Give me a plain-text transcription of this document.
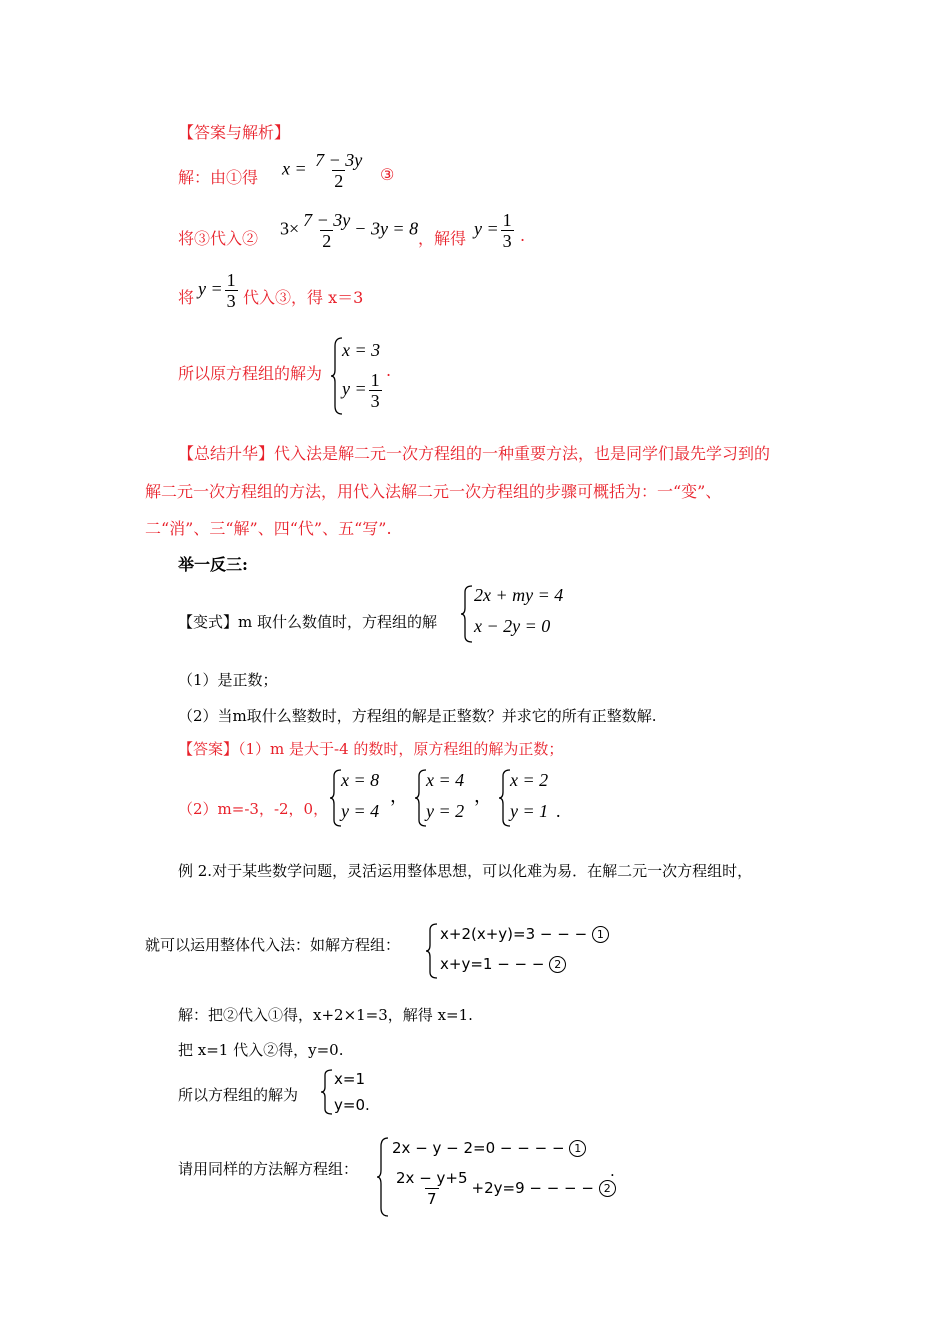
【答案与解析】
解：由①得 $x = \frac{7 - 3y}{2}$ ③
将③代入② $3\times \frac{7 - 3y}{2} - 3y = 8$ ，解得 $y = \frac{1}{3}$ .
将 $y = \frac{1}{3}$ 代入③，得 x＝3
所以原方程组的解为
x = 3
$y = \frac{1}{3}$ .
【总结升华】代入法是解二元一次方程组的一种重要方法，也是同学们最先学习到的
解二元一次方程组的方法，用代入法解二元一次方程组的步骤可概括为：一“变”、
二“消”、三“解”、四“代”、五“写”.
举一反三:
【变式】m 取什么数值时，方程组的解
2x + my = 4
x − 2y = 0
（1）是正数；
（2）当m取什么整数时，方程组的解是正整数？并求它的所有正整数解.
【答案】（1）m 是大于-4 的数时，原方程组的解为正数；
（2）m=-3，-2，0，
x = 8
y = 4
，
x = 4
y = 2
，
x = 2
y = 1 .
例 2.对于某些数学问题，灵活运用整体思想，可以化难为易．在解二元一次方程组时，
就可以运用整体代入法：如解方程组：
x+2(x+y)=3 − − − 1
x+y=1 − − − 2
解：把②代入①得，x+2×1=3，解得 x=1.
把 x=1 代入②得，y=0.
所以方程组的解为
x=1
y=0.
请用同样的方法解方程组：
2x − y − 2=0 − − − − 1
$\frac{2x - y+5}{7} +2y=9$ − − − − 2
.
